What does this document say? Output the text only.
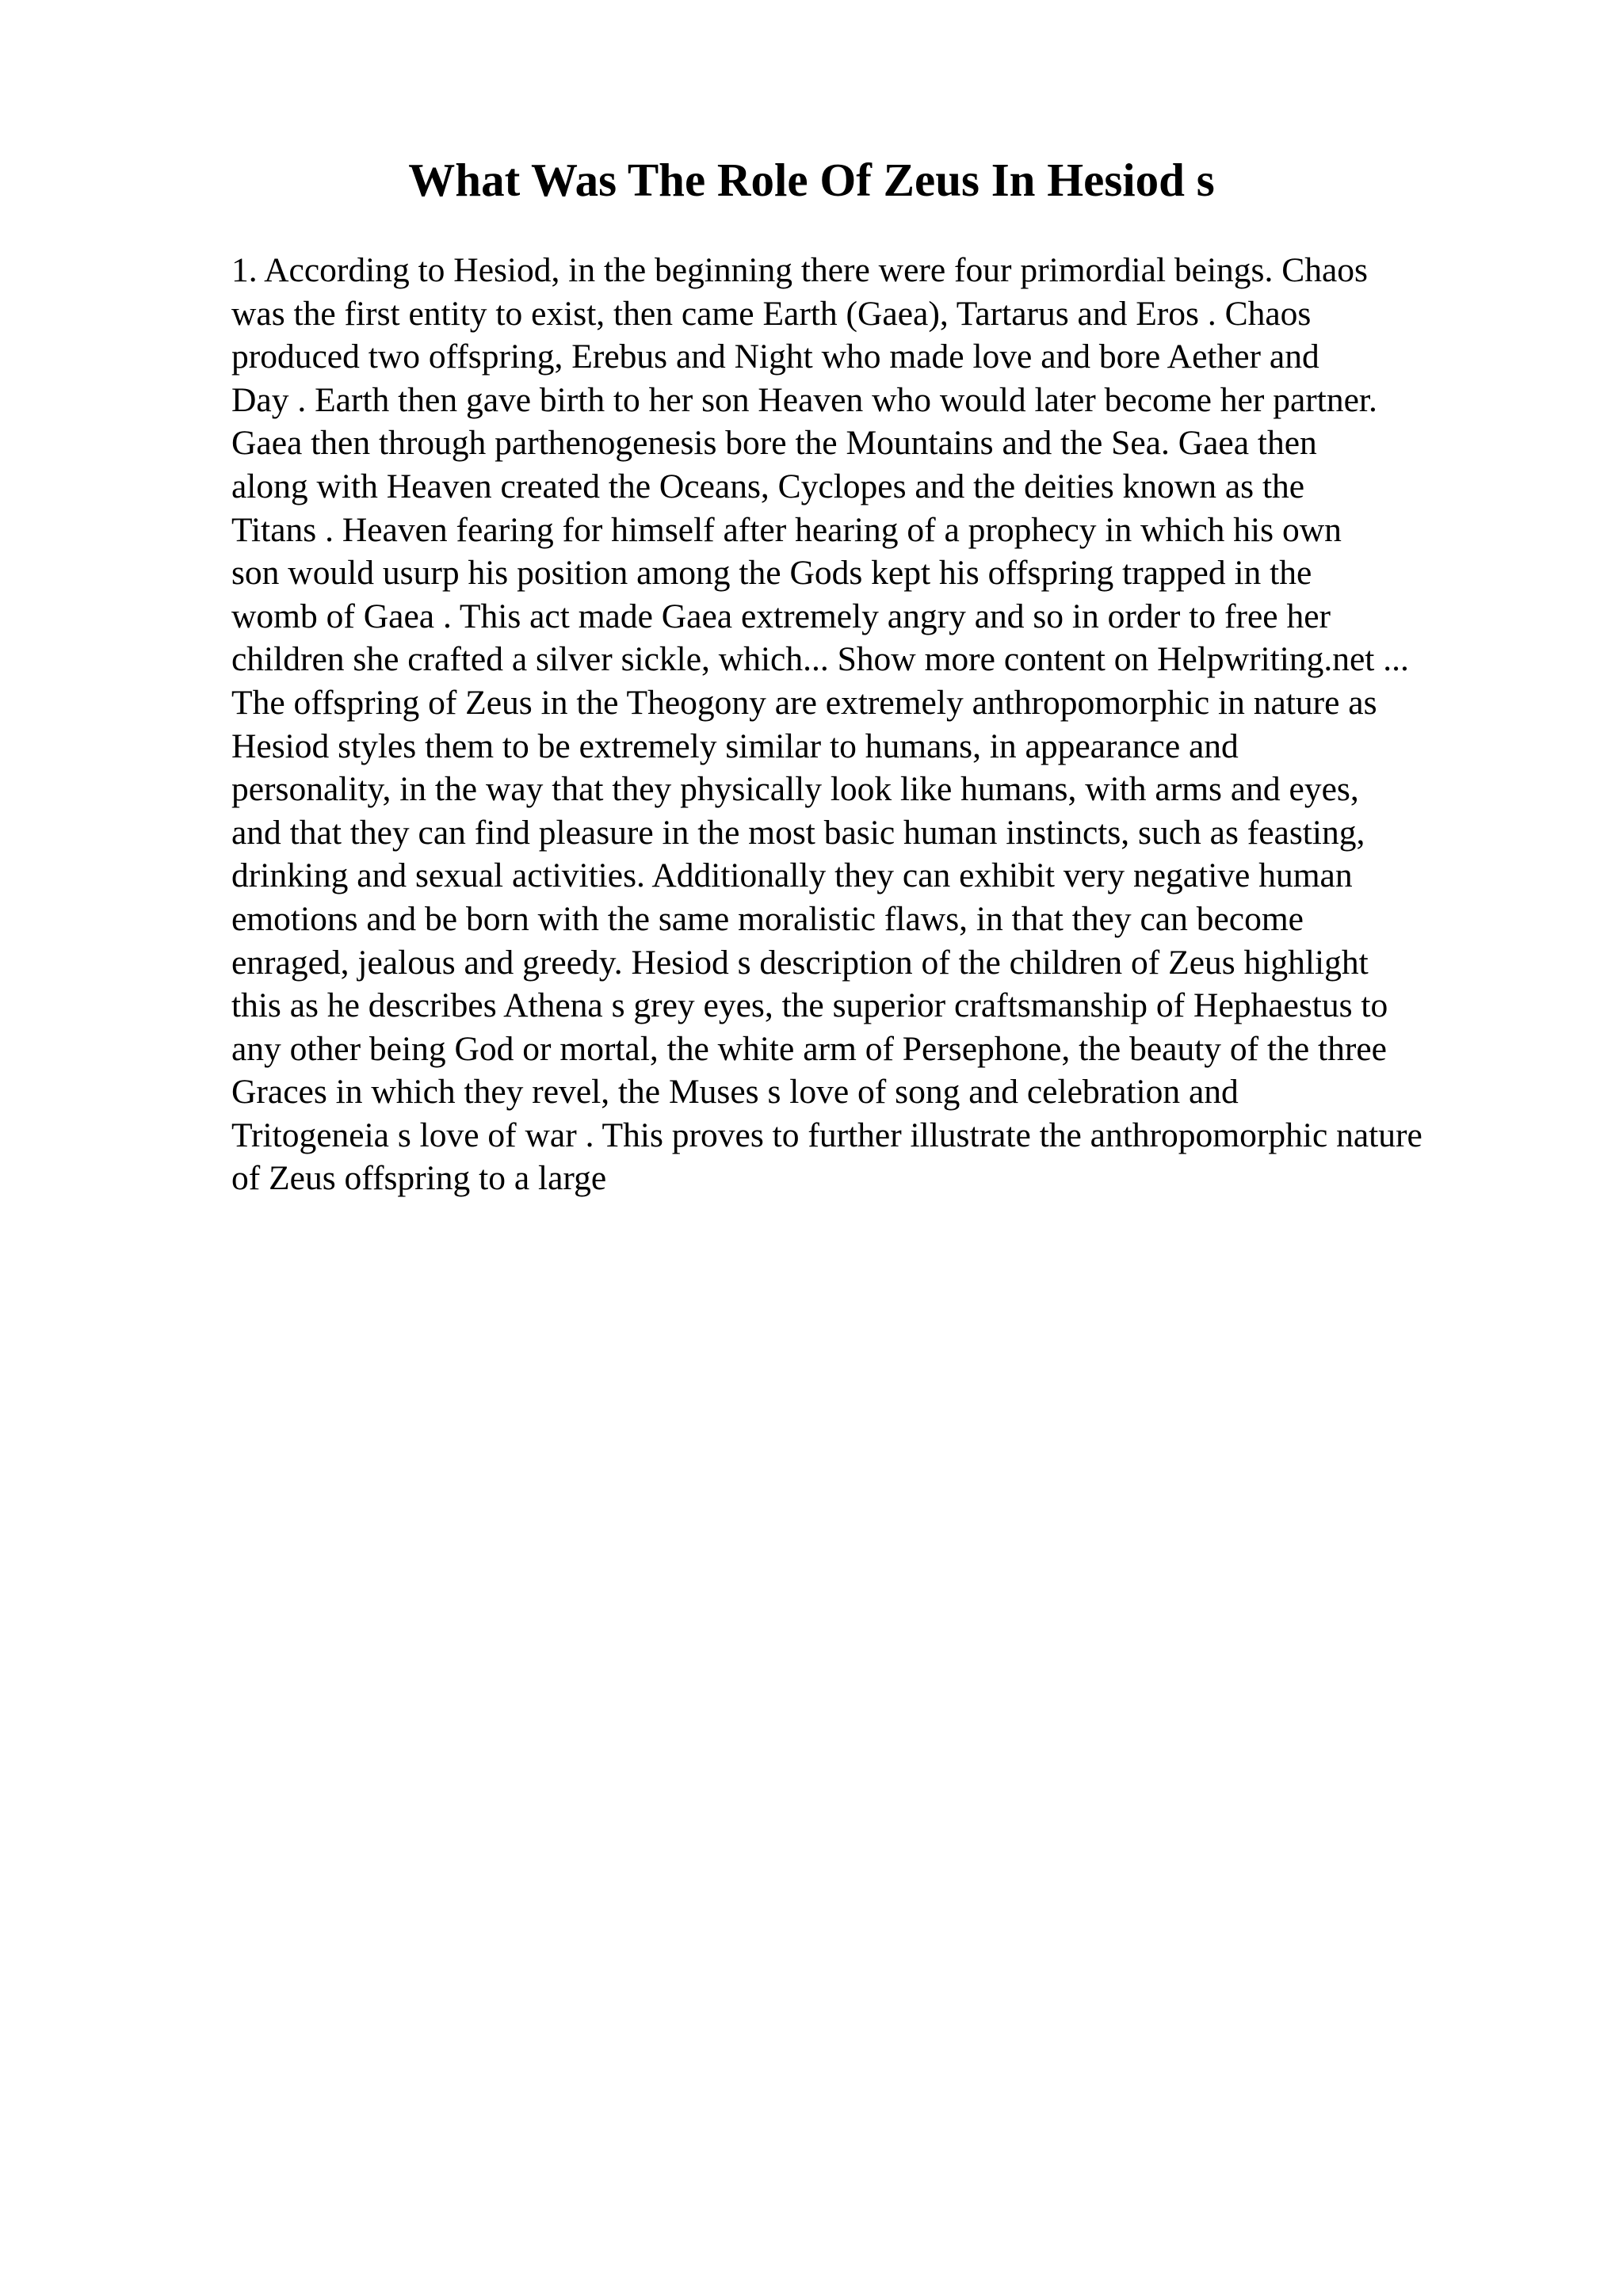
What Was The Role Of Zeus In Hesiod s
1. According to Hesiod, in the beginning there were four primordial beings. Chaos
was the first entity to exist, then came Earth (Gaea), Tartarus and Eros . Chaos
produced two offspring, Erebus and Night who made love and bore Aether and
Day . Earth then gave birth to her son Heaven who would later become her partner.
Gaea then through parthenogenesis bore the Mountains and the Sea. Gaea then
along with Heaven created the Oceans, Cyclopes and the deities known as the
Titans . Heaven fearing for himself after hearing of a prophecy in which his own
son would usurp his position among the Gods kept his offspring trapped in the
womb of Gaea . This act made Gaea extremely angry and so in order to free her
children she crafted a silver sickle, which... Show more content on Helpwriting.net ...
The offspring of Zeus in the Theogony are extremely anthropomorphic in nature as
Hesiod styles them to be extremely similar to humans, in appearance and
personality, in the way that they physically look like humans, with arms and eyes,
and that they can find pleasure in the most basic human instincts, such as feasting,
drinking and sexual activities. Additionally they can exhibit very negative human
emotions and be born with the same moralistic flaws, in that they can become
enraged, jealous and greedy. Hesiod s description of the children of Zeus highlight
this as he describes Athena s grey eyes, the superior craftsmanship of Hephaestus to
any other being God or mortal, the white arm of Persephone, the beauty of the three
Graces in which they revel, the Muses s love of song and celebration and
Tritogeneia s love of war . This proves to further illustrate the anthropomorphic nature
of Zeus offspring to a large
